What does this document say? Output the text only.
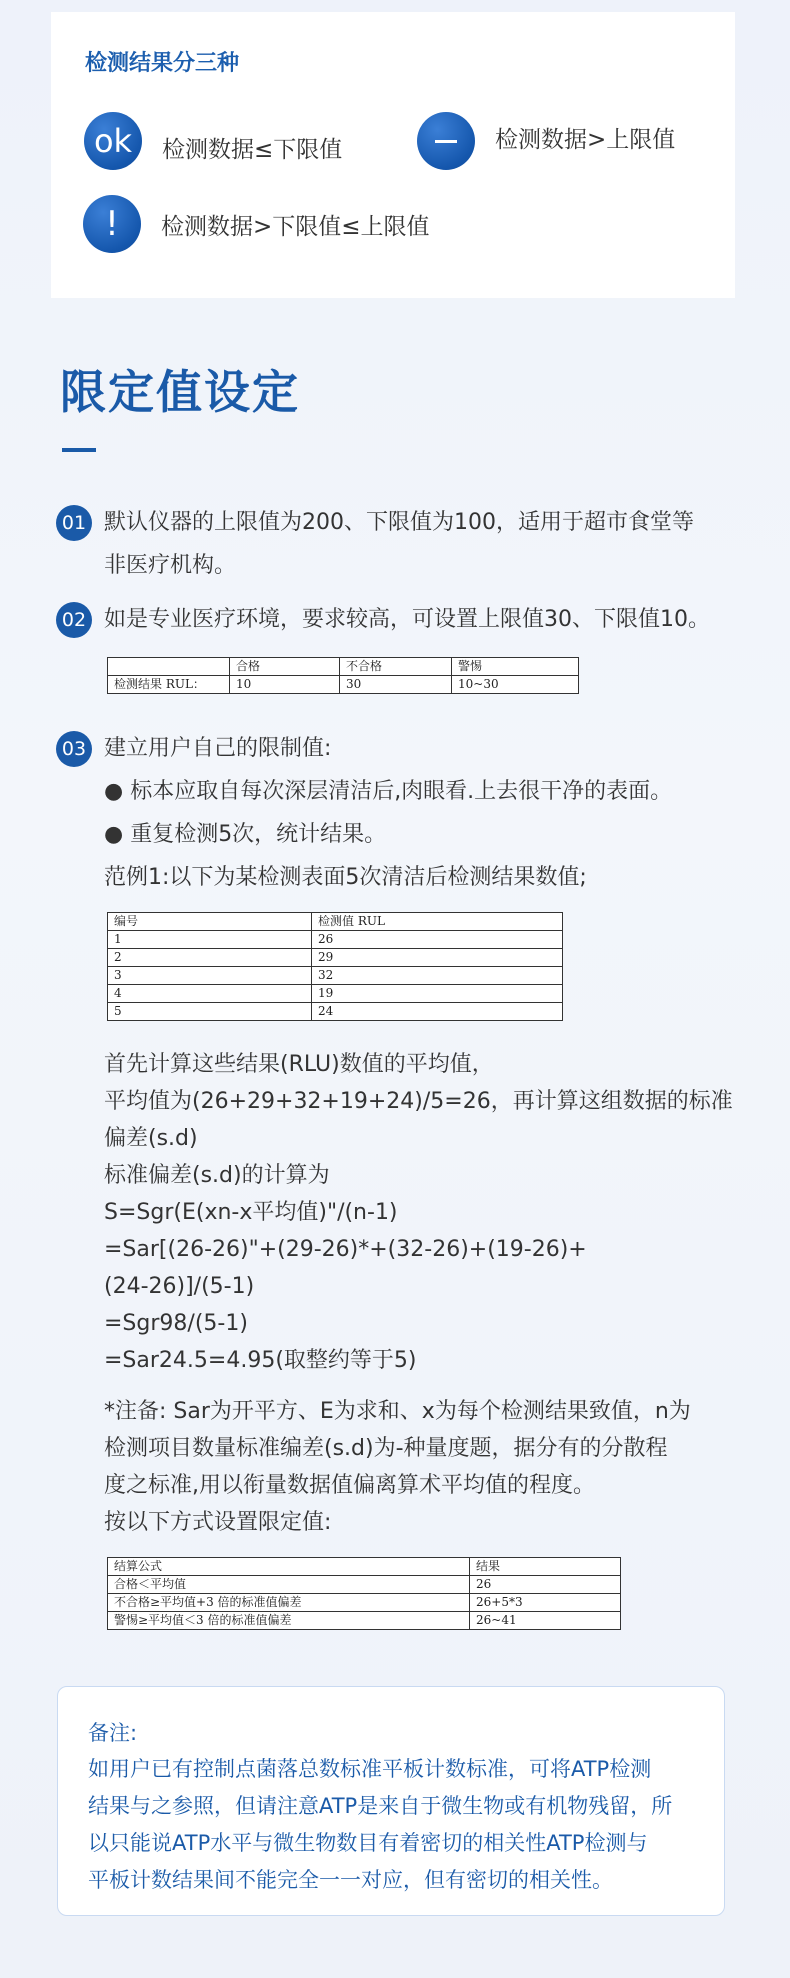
检测结果分三种
ok	检测数据≤下限值	检测数据>上限值
!	检测数据>下限值≤上限值
限定值设定
01 默认仪器的上限值为200、下限值为100，适用于超市食堂等
非医疗机构。
02 如是专业医疗环境，要求较高，可设置上限值30、下限值10。
	合格	不合格	警惕
检测结果 RUL：	10	30	10~30
03 建立用户自己的限制值:
● 标本应取自每次深层清洁后,肉眼看.上去很干净的表面。
● 重复检测5次，统计结果。
范例1:以下为某检测表面5次清洁后检测结果数值;
编号	检测值 RUL
1	26
2	29
3	32
4	19
5	24
首先计算这些结果(RLU)数值的平均值，
平均值为(26+29+32+19+24)/5=26，再计算这组数据的标准
偏差(s.d)
标准偏差(s.d)的计算为
S=Sgr(E(xn-x平均值)"/(n-1)
=Sar[(26-26)"+(29-26)*+(32-26)+(19-26)+
(24-26)]/(5-1)
=Sgr98/(5-1)
=Sar24.5=4.95(取整约等于5)
*注备: Sar为开平方、E为求和、x为每个检测结果致值，n为
检测项目数量标准编差(s.d)为-种量度题，据分有的分散程
度之标准,用以衔量数据值偏离算术平均值的程度。
按以下方式设置限定值:
结算公式	结果
合格＜平均值	26
不合格≥平均值+3 倍的标准值偏差	26+5*3
警惕≥平均值＜3 倍的标准值偏差	26~41
备注:
如用户已有控制点菌落总数标准平板计数标准，可将ATP检测
结果与之参照，但请注意ATP是来自于微生物或有机物残留，所
以只能说ATP水平与微生物数目有着密切的相关性ATP检测与
平板计数结果间不能完全一一对应，但有密切的相关性。
